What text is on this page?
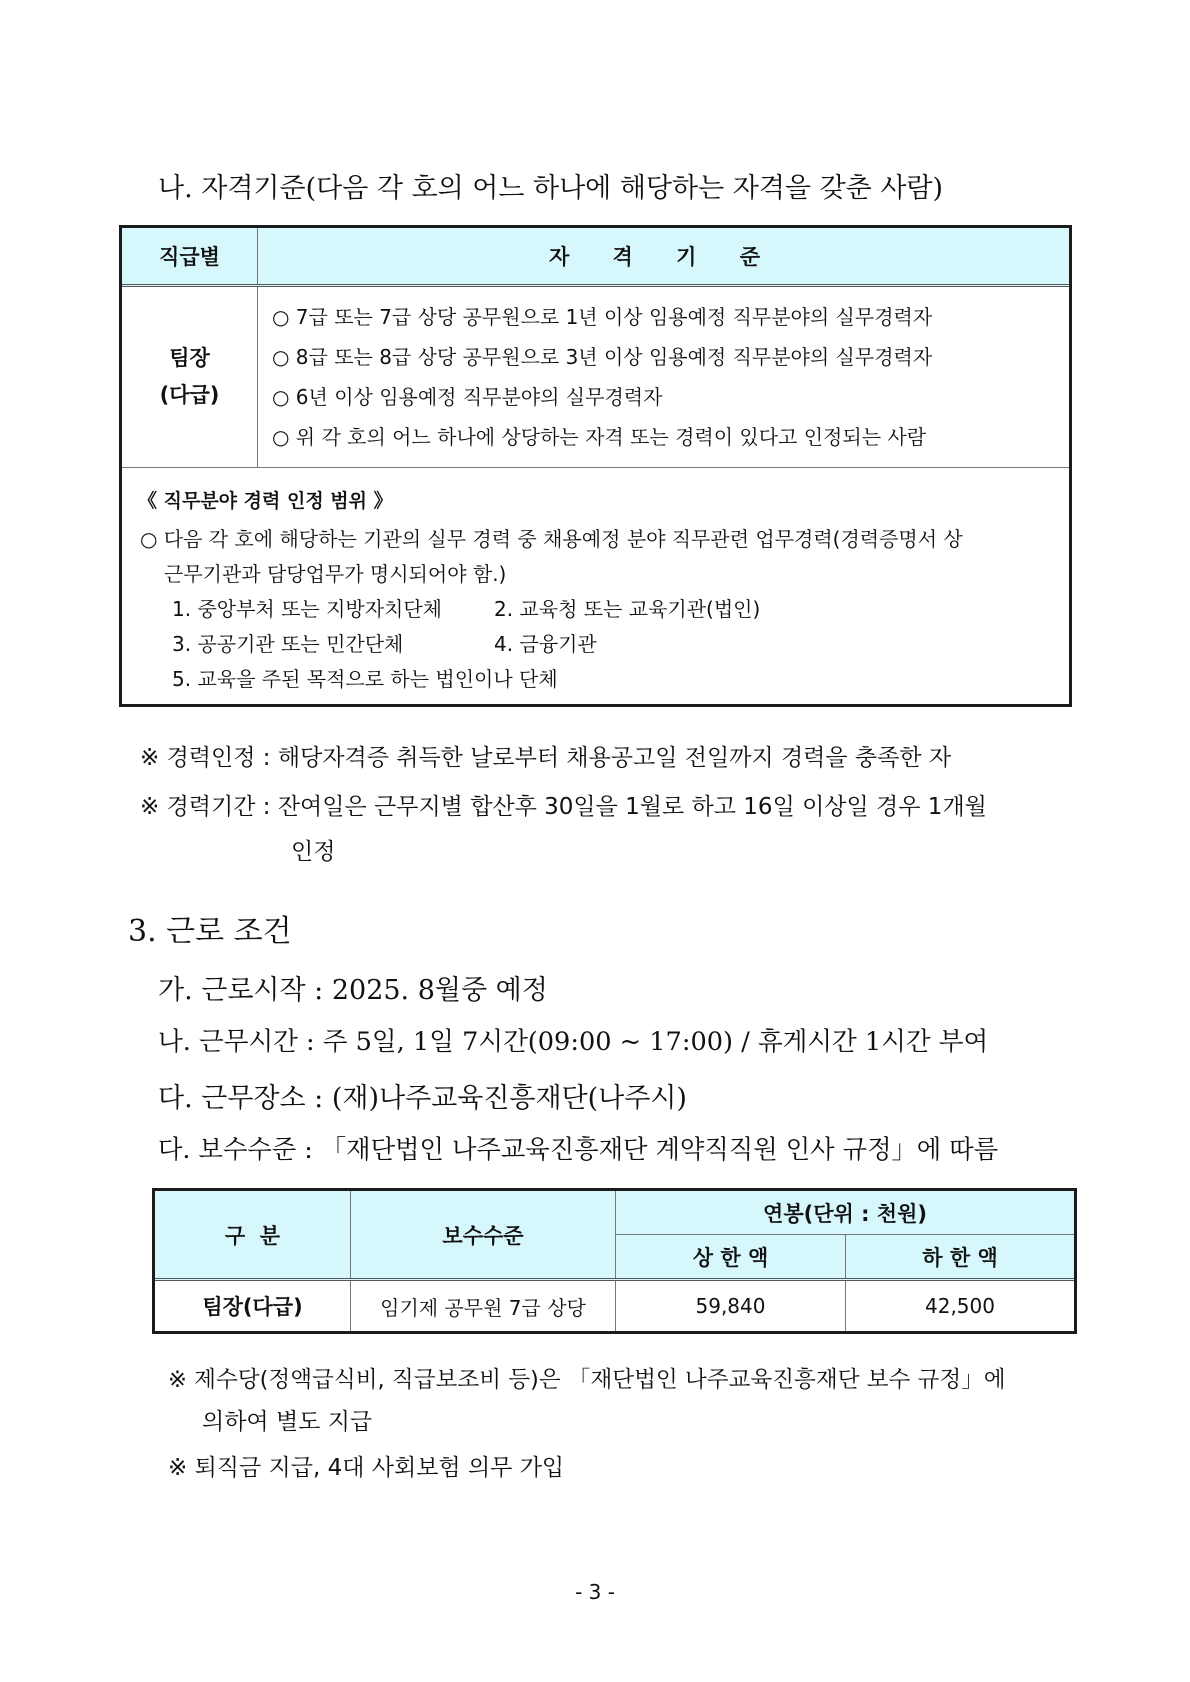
나. 자격기준(다음 각 호의 어느 하나에 해당하는 자격을 갖춘 사람)
직급별	자 격 기 준
팀장
(다급)
○ 7급 또는 7급 상당 공무원으로 1년 이상 임용예정 직무분야의 실무경력자
○ 8급 또는 8급 상당 공무원으로 3년 이상 임용예정 직무분야의 실무경력자
○ 6년 이상 임용예정 직무분야의 실무경력자
○ 위 각 호의 어느 하나에 상당하는 자격 또는 경력이 있다고 인정되는 사람
《 직무분야 경력 인정 범위 》
○ 다음 각 호에 해당하는 기관의 실무 경력 중 채용예정 분야 직무관련 업무경력(경력증명서 상
근무기관과 담당업무가 명시되어야 함.)
1. 중앙부처 또는 지방자치단체	2. 교육청 또는 교육기관(법인)
3. 공공기관 또는 민간단체	4. 금융기관
5. 교육을 주된 목적으로 하는 법인이나 단체
※ 경력인정 : 해당자격증 취득한 날로부터 채용공고일 전일까지 경력을 충족한 자
※ 경력기간 : 잔여일은 근무지별 합산후 30일을 1월로 하고 16일 이상일 경우 1개월
인정
3. 근로 조건
가. 근로시작 : 2025. 8월중 예정
나. 근무시간 : 주 5일, 1일 7시간(09:00 ~ 17:00) / 휴게시간 1시간 부여
다. 근무장소 : (재)나주교육진흥재단(나주시)
다. 보수수준 : 「재단법인 나주교육진흥재단 계약직직원 인사 규정」에 따름
구  분	보수수준
연봉(단위 : 천원)
상 한 액	하 한 액
팀장(다급)	임기제 공무원 7급 상당	59,840	42,500
※ 제수당(정액급식비, 직급보조비 등)은 「재단법인 나주교육진흥재단 보수 규정」에
의하여 별도 지급
※ 퇴직금 지급, 4대 사회보험 의무 가입
- 3 -
